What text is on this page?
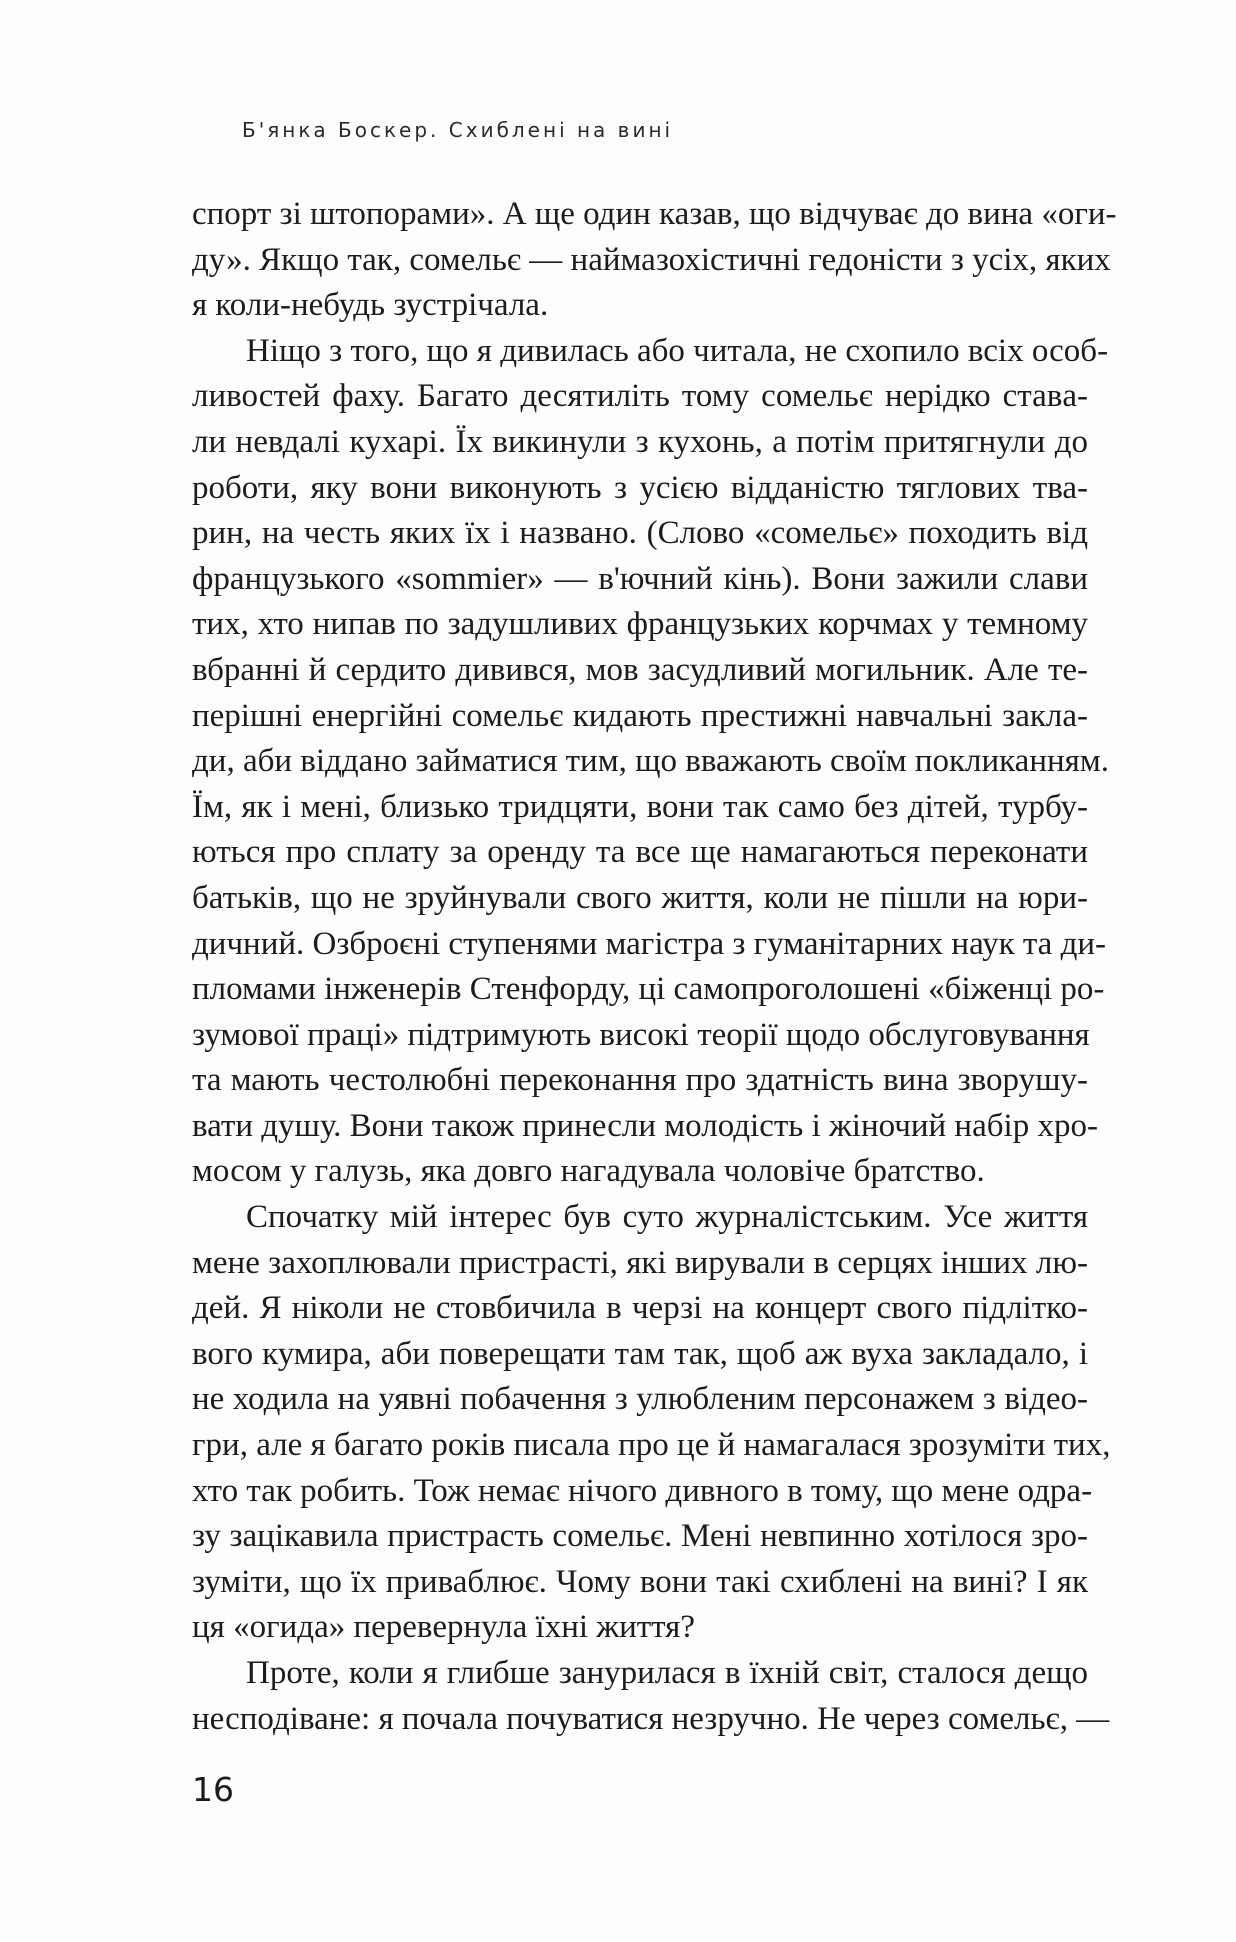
Б'янка Боскер. Схиблені на вині
спорт зі штопорами». А ще один казав, що відчуває до вина «оги-
ду». Якщо так, сомельє — наймазохістичні гедоністи з усіх, яких
я коли-небудь зустрічала.
Ніщо з того, що я дивилась або читала, не схопило всіх особ-
ливостей фаху. Багато десятиліть тому сомельє нерідко ставa-
ли невдалі кухарі. Їх викинули з кухонь, а потім притягнули до
роботи, яку вони виконують з усією відданістю тяглових тва-
рин, на честь яких їх і названо. (Слово «сомельє» походить від
французького «sommier» — в'ючний кінь). Вони зажили слави
тих, хто нипав по задушливих французьких корчмах у темному
вбранні й сердито дивився, мов засудливий могильник. Але те-
перішні енергійні сомельє кидають престижні навчальні закла-
ди, аби віддано займатися тим, що вважають своїм покликанням.
Їм, як і мені, близько тридцяти, вони так само без дітей, турбу-
ються про сплату за оренду та все ще намагаються переконати
батьків, що не зруйнували свого життя, коли не пішли на юри-
дичний. Озброєні ступенями магістра з гуманітарних наук та ди-
пломами інженерів Стенфорду, ці самопроголошені «біженці ро-
зумової праці» підтримують високі теорії щодо обслуговування
та мають честолюбні переконання про здатність вина зворушу-
вати душу. Вони також принесли молодість і жіночий набір хро-
мосом у галузь, яка довго нагадувала чоловіче братство.
Спочатку мій інтерес був суто журналістським. Усе життя
мене захоплювали пристрасті, які вирували в серцях інших лю-
дей. Я ніколи не стовбичила в черзі на концерт свого підлітко-
вого кумира, аби поверещати там так, щоб аж вуха закладало, і
не ходила на уявні побачення з улюбленим персонажем з відео-
гри, але я багато років писала про це й намагалася зрозуміти тих,
хто так робить. Тож немає нічого дивного в тому, що мене одра-
зу зацікавила пристрасть сомельє. Мені невпинно хотілося зро-
зуміти, що їх приваблює. Чому вони такі схиблені на вині? І як
ця «огида» перевернула їхні життя?
Проте, коли я глибше занурилася в їхній світ, сталося дещо
несподіване: я почала почуватися незручно. Не через сомельє, —
16
